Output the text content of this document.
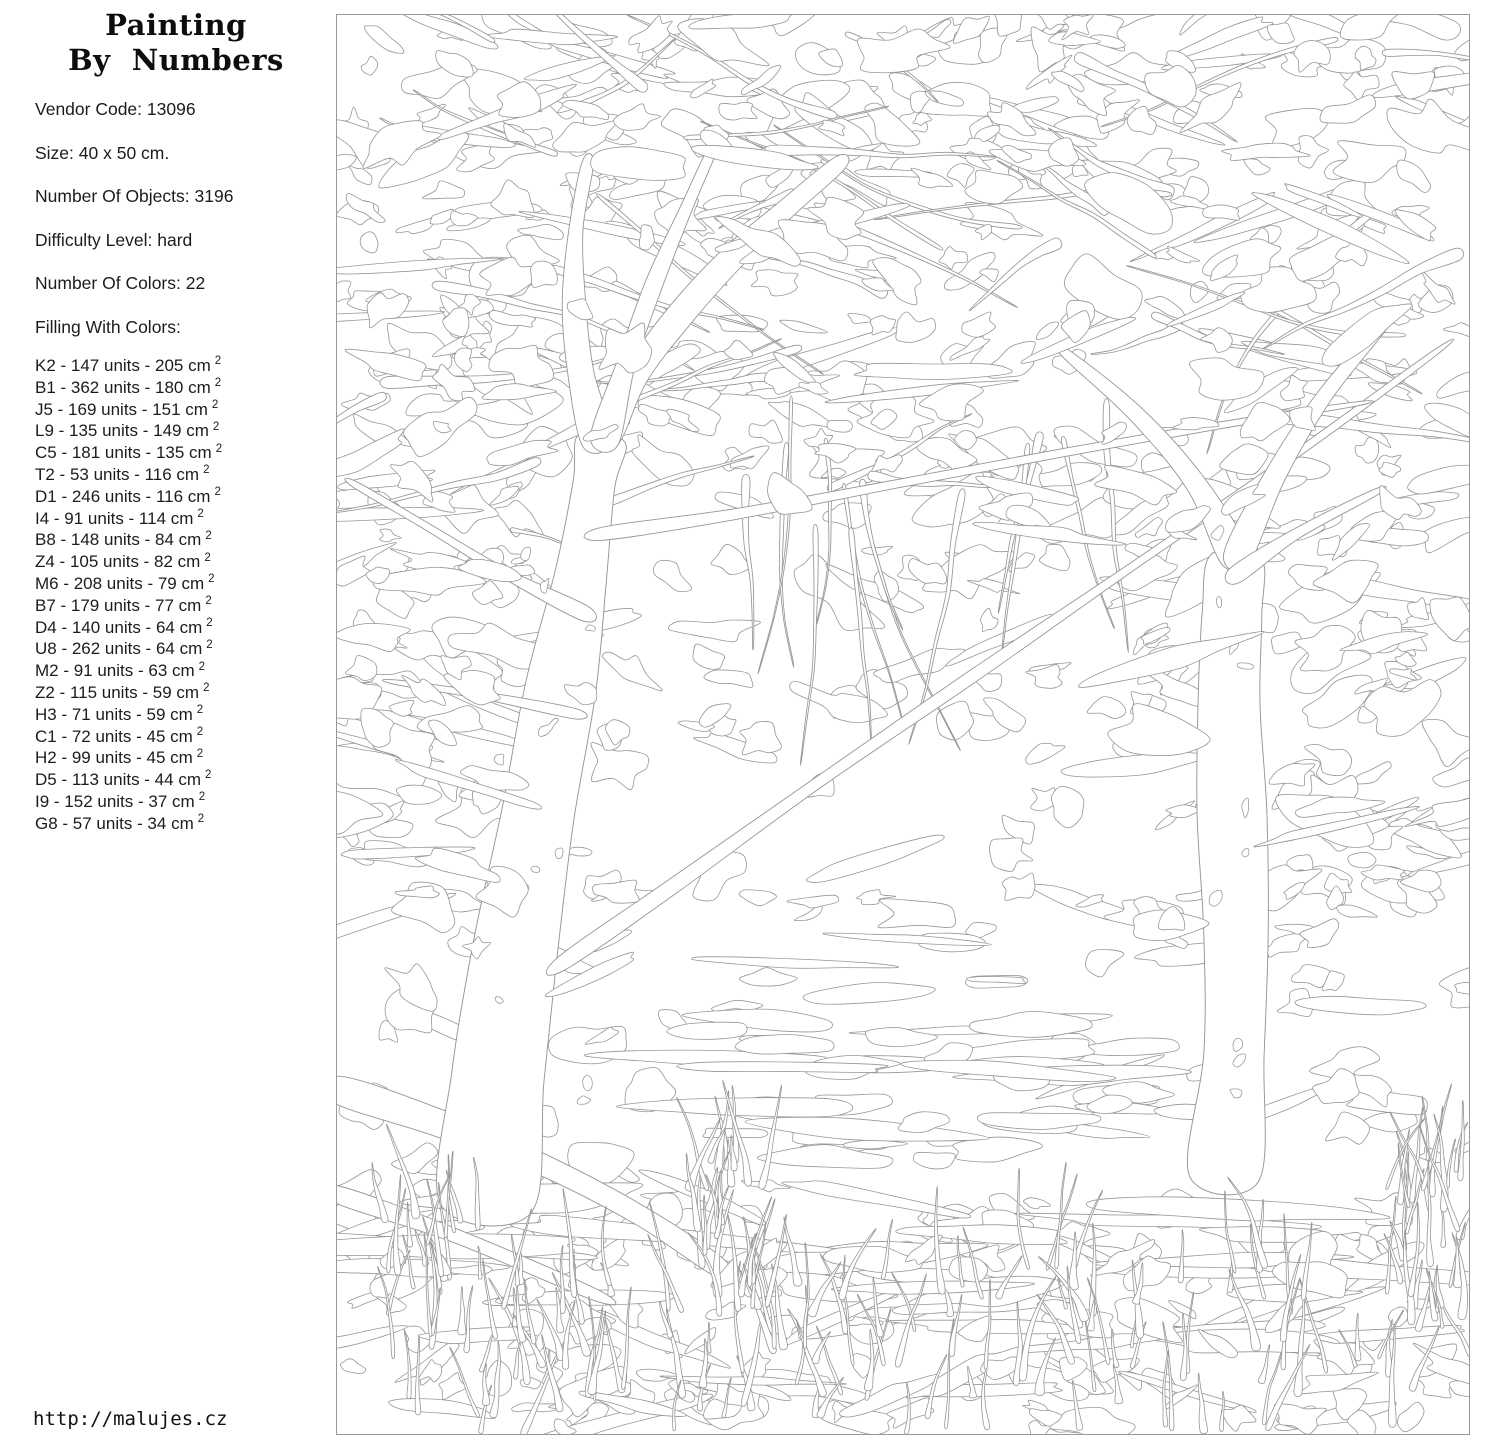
Painting
By  Numbers
Vendor Code: 13096
Size: 40 x 50 cm.
Number Of Objects: 3196
Difficulty Level: hard
Number Of Colors: 22
Filling With Colors:
K2 - 147 units - 205 cm $^2$
B1 - 362 units - 180 cm $^2$
J5 - 169 units - 151 cm $^2$
L9 - 135 units - 149 cm $^2$
C5 - 181 units - 135 cm $^2$
T2 - 53 units - 116 cm $^2$
D1 - 246 units - 116 cm $^2$
I4 - 91 units - 114 cm $^2$
B8 - 148 units - 84 cm $^2$
Z4 - 105 units - 82 cm $^2$
M6 - 208 units - 79 cm $^2$
B7 - 179 units - 77 cm $^2$
D4 - 140 units - 64 cm $^2$
U8 - 262 units - 64 cm $^2$
M2 - 91 units - 63 cm $^2$
Z2 - 115 units - 59 cm $^2$
H3 - 71 units - 59 cm $^2$
C1 - 72 units - 45 cm $^2$
H2 - 99 units - 45 cm $^2$
D5 - 113 units - 44 cm $^2$
I9 - 152 units - 37 cm $^2$
G8 - 57 units - 34 cm $^2$
http://malujes.cz
